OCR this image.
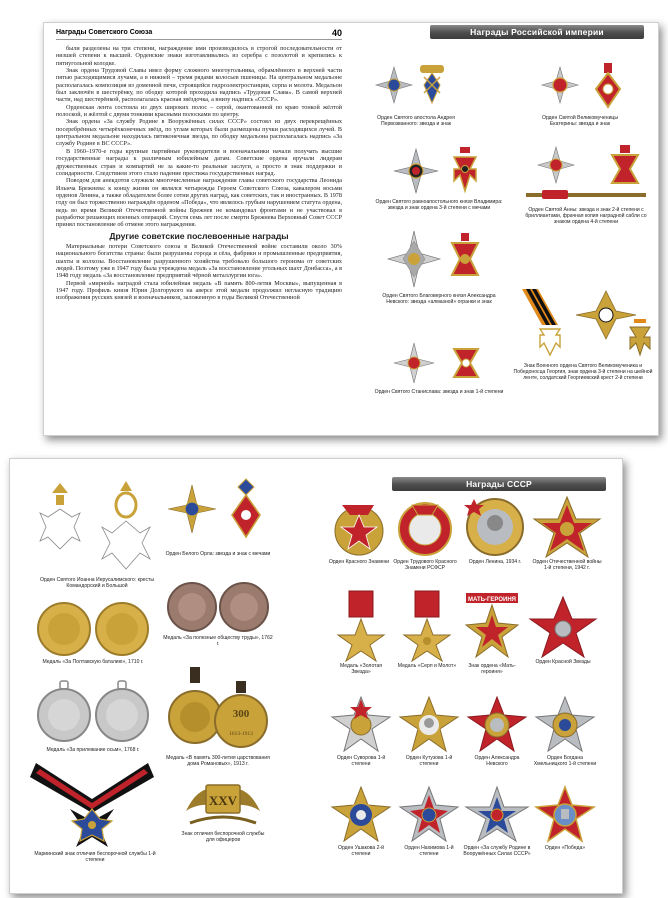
Награды Советского Союза	40

были разделены на три степени, награждение ими производилось в строгой последовательности от низшей степени к высшей. Орденские знаки изготавливались из серебра с позолотой и крепились к пятиугольной колодке.

Знак ордена Трудовой Славы имел форму сложного многоугольника, обрамлённого в верхней части пятью расходящимися лучами, а в нижней – тремя рядами колосьев пшеницы. На центральном медальоне располагалась композиция из доменной печи, строящейся гидроэлектростанции, серпа и молота. Медальон был заключён в шестерёнку, по ободку которой проходила надпись «Трудовая Слава». В самой верхней части, над шестерёнкой, располагалась красная звёздочка, а внизу надпись «СССР».

Орденская лента состояла из двух широких полос – серой, окантованной по краю тонкой жёлтой полоской, и жёлтой с двумя тонкими красными полосками по центру.

Знак ордена «За службу Родине в Вооружённых силах СССР» состоял из двух перекрещённых посеребрённых четырёхконечных звёзд, по углам которых были размещены пучки расходящихся лучей. В центральном медальоне находилась пятиконечная звезда, по ободку медальона располагалась надпись «За службу Родине в ВС СССР».

В 1960–1970-е годы крупные партийные руководители и военачальники начали получать высшие государственные награды к различным юбилейным датам. Советские ордена вручали лидерам дружественных стран и компартий не за какие-то реальные заслуги, а просто в знак поддержки и солидарности. Следствием этого стало падение престижа государственных наград.

Поводом для анекдотов служили многочисленные награждения главы советского государства Леонида Ильича Брежнева: к концу жизни он являлся четырежды Героем Советского Союза, кавалером восьми орденов Ленина, а также обладателем более сотни других наград, как советских, так и иностранных. В 1978 году он был торжественно награждён орденом «Победа», что являлось грубым нарушением статута ордена, ведь во время Великой Отечественной войны Брежнев не командовал фронтами и не участвовал в разработке решающих военных операций. Спустя семь лет после смерти Брежнева Верховный Совет СССР принял постановление об отмене этого награждения.

Другие советские послевоенные награды

Материальные потери Советского союза в Великой Отечественной войне составили около 30% национального богатства страны: были разрушены города и сёла, фабрики и промышленные предприятия, шахты и колхозы. Восстановление разрушенного хозяйства требовало большого героизма от советских людей. Поэтому уже в 1947 году была учреждена медаль «За восстановление угольных шахт Донбасса», а в 1948 году медаль «За восстановление предприятий чёрной металлургии юга».

Первой «мирной» наградой стала юбилейная медаль «В память 800-летия Москвы», выпущенная в 1947 году. Профиль князя Юрия Долгорукого на аверсе этой медали продолжил негласную традицию изображения русских князей и военачальников, заложенную в годы Великой Отечественной

Награды Российской империи
Орден Святого апостола Андрея Первозванного: звезда и знак
Орден Святой Великомученицы Екатерины: звезда и знак
Орден Святого равноапостольного князя Владимира: звезда и знак ордена 3-й степени с мечами	Орден Святой Анны: звезда и знак 2-й степени с бриллиантами, фрачная копия наградной сабли со знаком ордена 4-й степени
Орден Святого Благоверного князя Александра Невского: звезда «алмазной» огранки и знак
Знак Военного ордена Святого Великомученика и Победоносца Георгия, знак ордена 3-й степени на шейной ленте, солдатский Георгиевский крест 2-й степени
Орден Святого Станислава: звезда и знак 1-й степени
Орден Святого Иоанна Иерусалимского: кресты Командорский и Большой
Орден Белого Орла: звезда и знак с мечами
Медаль «За Полтавскую баталию», 1710 г.
Медаль «За полезные обществу труды», 1762 г.
Медаль «За прилежание осьм», 1768 г.
300
1613-1913
Медаль «В память 300-летия царствования дома Романовых», 1913 г.
Мариинский знак отличия беспорочной службы 1-й степени
XXV
Знак отличия беспорочной службы для офицеров
Награды СССР
Орден Красного Знамени Орден Трудового Красного Знамени РСФСР
Орден Ленина, 1934 г.	Орден Отечественной войны 1-й степени, 1942 г.
Медаль «Золотая Звезда»
Медаль «Серп и Молот»
МАТЬ-ГЕРОИНЯ
Знак ордена «Мать-героиня»
Орден Красной Звезды
Орден Суворова 1-й степени
Орден Кутузова 1-й степени
Орден Александра Невского
Орден Богдана Хмельницкого 1-й степени
Орден Ушакова 2-й степени
Орден Нахимова 1-й степени
Орден «За службу Родине в Вооружённых Силах СССР»
Орден «Победа»
